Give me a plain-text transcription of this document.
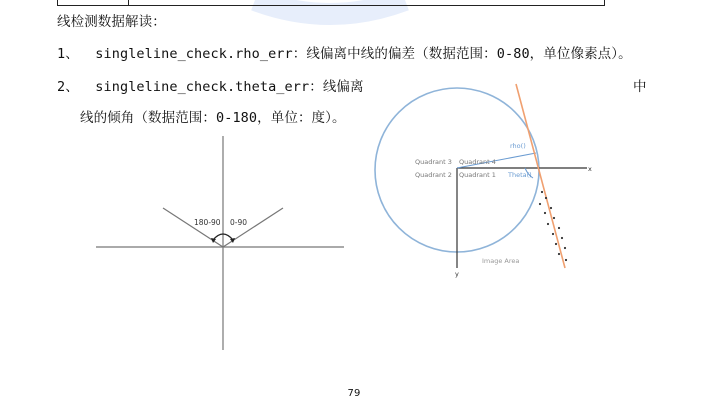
线检测数据解读：
1、 singleline_check.rho_err：线偏离中线的偏差（数据范围：0-80，单位像素点）。
2、 singleline_check.theta_err：线偏离	中
线的倾角（数据范围：0-180，单位：度）。
180-90 0-90
Quadrant 3 Quadrant 4
Quadrant 2 Quadrant 1
rho()
Theta()
x
y
Image Area
79
